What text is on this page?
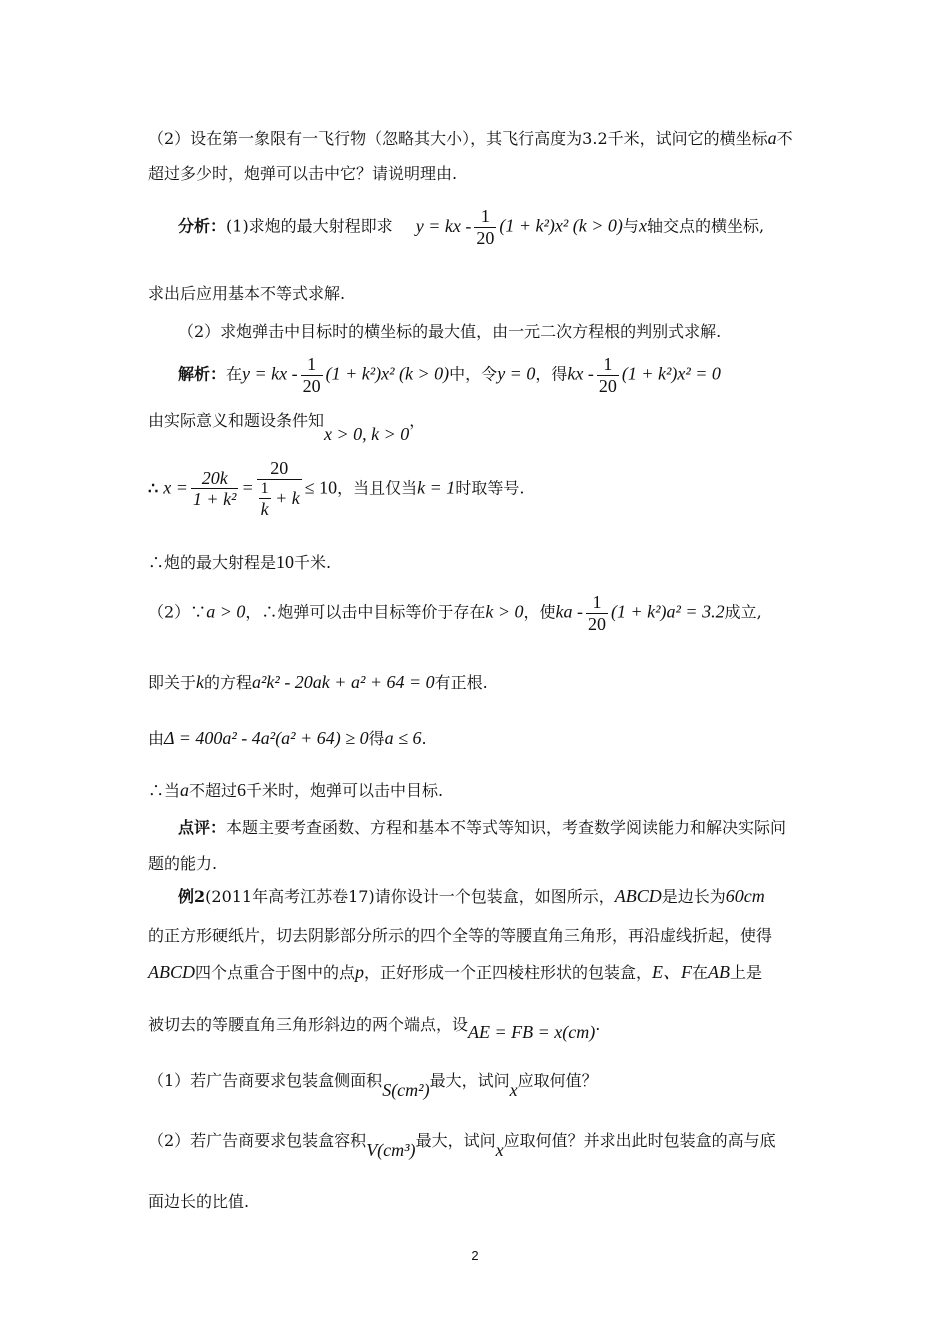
（2）设在第一象限有一飞行物（忽略其大小），其飞行高度为3.2千米，试问它的横坐标a不
超过多少时，炮弹可以击中它？请说明理由.
分析：(1)求炮的最大射程即求 y = kx - $\frac{1}{20} (1 + k^2)x^2$ (k > 0)与x轴交点的横坐标,
求出后应用基本不等式求解.
（2）求炮弹击中目标时的横坐标的最大值，由一元二次方程根的判别式求解.
解析：在y = kx - $\frac{1}{20} (1 + k^2)x^2$ (k > 0)中，令y = 0，得kx - $\frac{1}{20} (1 + k^2)x^2 = 0$
由实际意义和题设条件知x > 0, k > 0，
∴ $x = \frac{20k}{\text{1 + k²}} = \frac{20}{\frac{1}{k} + k} \le 10$，当且仅当k = 1时取等号.
∴炮的最大射程是10千米.
（2）∵a > 0，∴炮弹可以击中目标等价于存在k > 0，使ka - $\frac{1}{20} (1 + k^2)a^2 = 3.2$成立,
即关于k的方程a²k² - 20ak + a² + 64 = 0有正根.
由Δ = 400a² - 4a²(a² + 64) ≥ 0得a ≤ 6.
∴当a不超过6千米时，炮弹可以击中目标.
点评：本题主要考查函数、方程和基本不等式等知识，考查数学阅读能力和解决实际问
题的能力.
例2(2011年高考江苏卷17)请你设计一个包装盒，如图所示，ABCD是边长为60cm
的正方形硬纸片，切去阴影部分所示的四个全等的等腰直角三角形，再沿虚线折起，使得
ABCD四个点重合于图中的点p，正好形成一个正四棱柱形状的包装盒，E、F在AB上是
被切去的等腰直角三角形斜边的两个端点，设AE = FB = x(cm).
（1）若广告商要求包装盒侧面积S(cm²)最大，试问x应取何值？
（2）若广告商要求包装盒容积V(cm³)最大，试问x应取何值？并求出此时包装盒的高与底
面边长的比值.
2
